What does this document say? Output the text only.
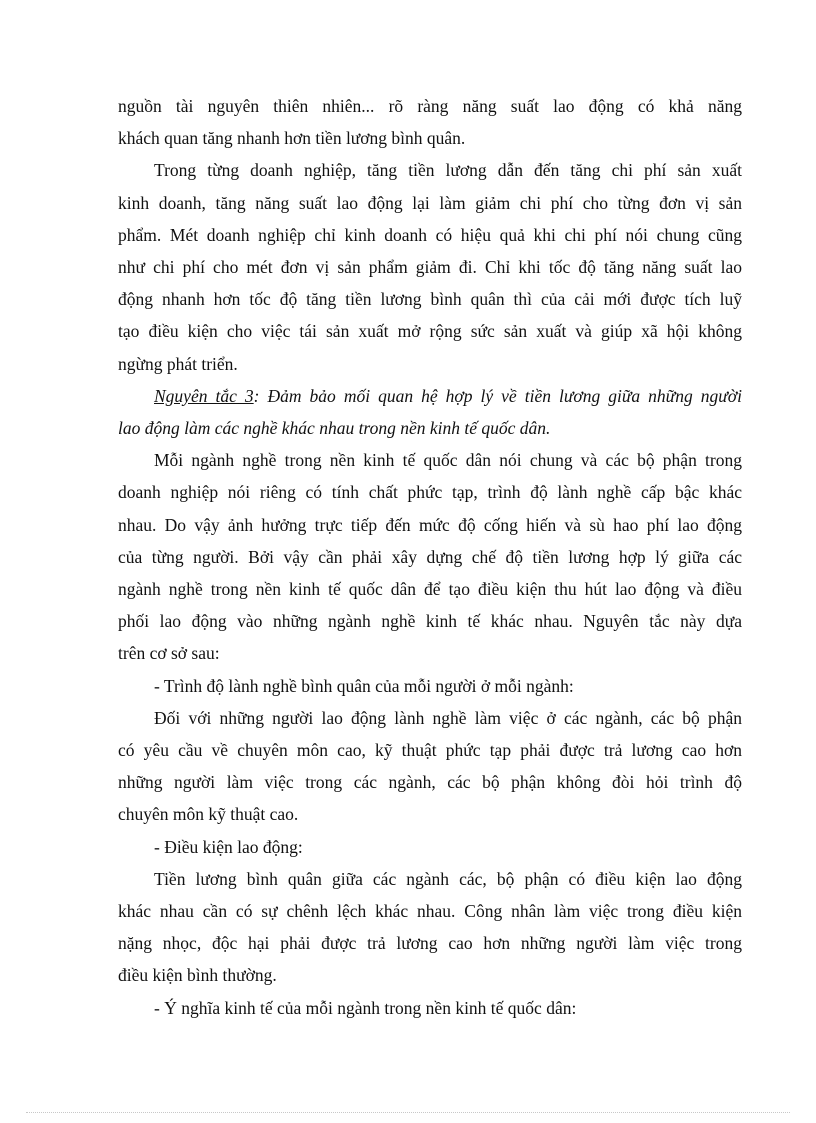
nguồn tài nguyên thiên nhiên... rõ ràng năng suất lao động có khả năng
khách quan tăng nhanh hơn tiền lương bình quân.
Trong từng doanh nghiệp, tăng tiền lương dẫn đến tăng chi phí sản xuất
kinh doanh, tăng năng suất lao động lại làm giảm chi phí cho từng đơn vị sản
phẩm. Mét doanh nghiệp chỉ kinh doanh có hiệu quả khi chi phí nói chung cũng
như chi phí cho mét đơn vị sản phẩm giảm đi. Chỉ khi tốc độ tăng năng suất lao
động nhanh hơn tốc độ tăng tiền lương bình quân thì của cải mới được tích luỹ
tạo điều kiện cho việc tái sản xuất mở rộng sức sản xuất và giúp xã hội không
ngừng phát triển.
Nguyên tắc 3: Đảm bảo mối quan hệ hợp lý về tiền lương giữa những người
lao động làm các nghề khác nhau trong nền kinh tế quốc dân.
Mỗi ngành nghề trong nền kinh tế quốc dân nói chung và các bộ phận trong
doanh nghiệp nói riêng có tính chất phức tạp, trình độ lành nghề cấp bậc khác
nhau. Do vậy ảnh hưởng trực tiếp đến mức độ cống hiến và sù hao phí lao động
của từng người. Bởi vậy cần phải xây dựng chế độ tiền lương hợp lý giữa các
ngành nghề trong nền kinh tế quốc dân để tạo điều kiện thu hút lao động và điều
phối lao động vào những ngành nghề kinh tế khác nhau. Nguyên tắc này dựa
trên cơ sở sau:
- Trình độ lành nghề bình quân của mỗi người ở mỗi ngành:
Đối với những người lao động lành nghề làm việc ở các ngành, các bộ phận
có yêu cầu về chuyên môn cao, kỹ thuật phức tạp phải được trả lương cao hơn
những người làm việc trong các ngành, các bộ phận không đòi hỏi trình độ
chuyên môn kỹ thuật cao.
- Điều kiện lao động:
Tiền lương bình quân giữa các ngành các, bộ phận có điều kiện lao động
khác nhau cần có sự chênh lệch khác nhau. Công nhân làm việc trong điều kiện
nặng nhọc, độc hại phải được trả lương cao hơn những người làm việc trong
điều kiện bình thường.
- Ý nghĩa kinh tế của mỗi ngành trong nền kinh tế quốc dân:
